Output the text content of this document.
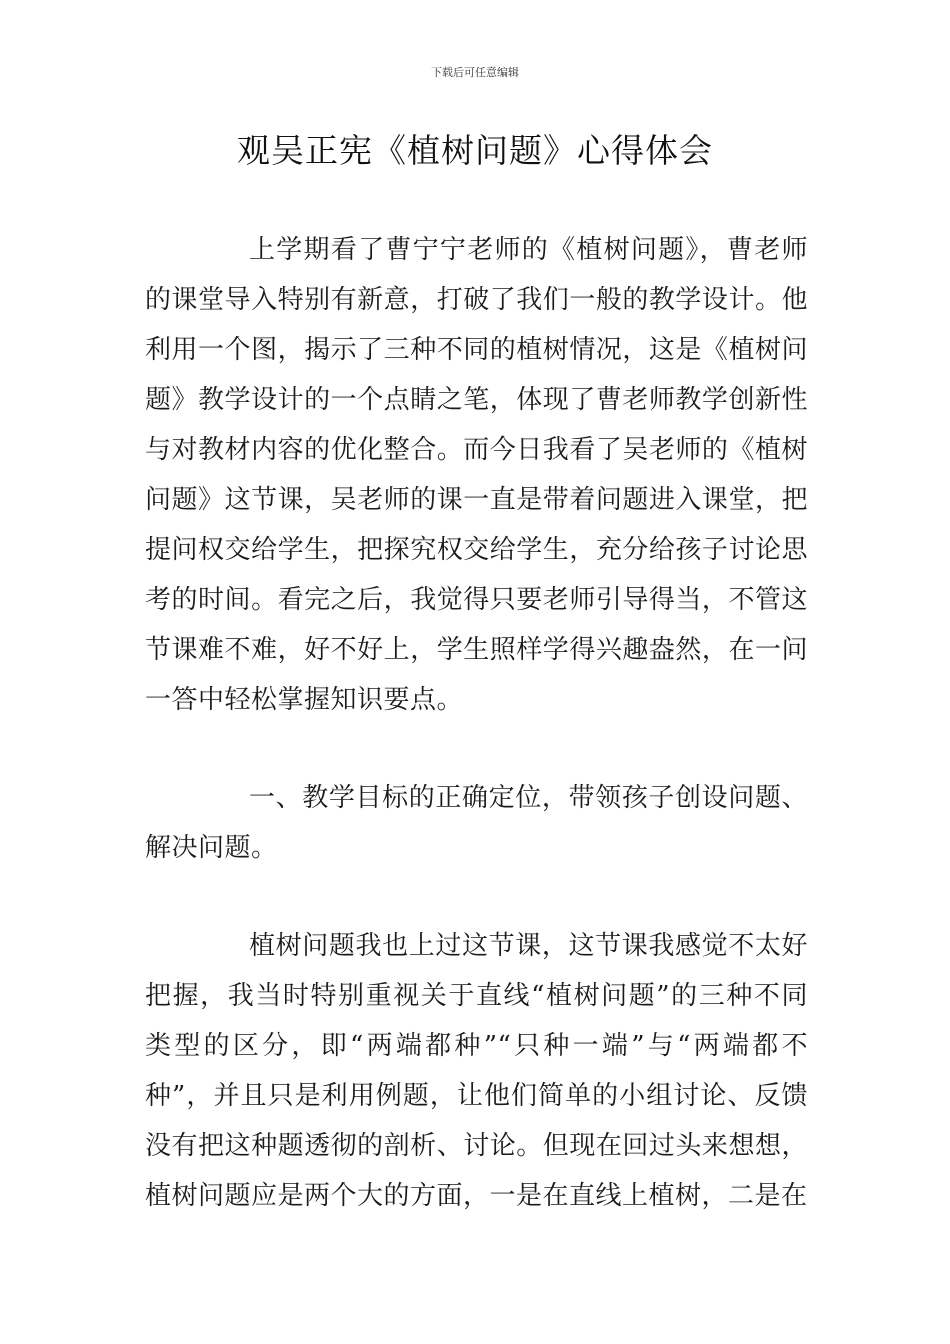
下载后可任意编辑
观吴正宪《植树问题》心得体会

上学期看了曹宁宁老师的《植树问题》，曹老师的课堂导入特别有新意，打破了我们一般的教学设计。他利用一个图，揭示了三种不同的植树情况，这是《植树问题》教学设计的一个点睛之笔，体现了曹老师教学创新性与对教材内容的优化整合。而今日我看了吴老师的《植树问题》这节课，吴老师的课一直是带着问题进入课堂，把提问权交给学生，把探究权交给学生，充分给孩子讨论思考的时间。看完之后，我觉得只要老师引导得当，不管这节课难不难，好不好上，学生照样学得兴趣盎然，在一问一答中轻松掌握知识要点。

一、教学目标的正确定位，带领孩子创设问题、解决问题。

植树问题我也上过这节课，这节课我感觉不太好把握，我当时特别重视关于直线“植树问题”的三种不同类型的区分，即“两端都种”“只种一端”与“两端都不种”，并且只是利用例题，让他们简单的小组讨论、反馈没有把这种题透彻的剖析、讨论。但现在回过头来想想，植树问题应是两个大的方面，一是在直线上植树，二是在
